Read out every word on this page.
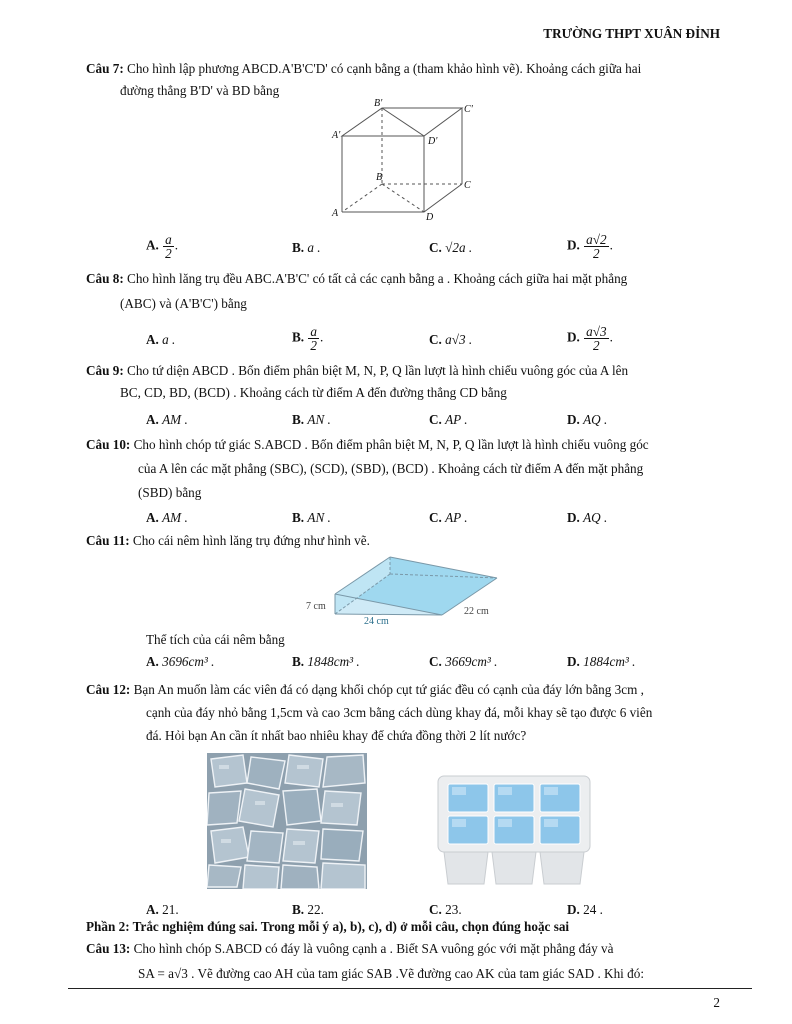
TRƯỜNG THPT XUÂN ĐỈNH
Câu 7: Cho hình lập phương ABCD.A'B'C'D' có cạnh bằng a (tham khảo hình vẽ). Khoảng cách giữa hai
đường thẳng B'D' và BD bằng
B'
C'
A'
D'
B
C
A	D
A. $\frac{a}{2}$ .	B. a .	C. √2a .	D. $\frac{a√2}{2}$ .
Câu 8: Cho hình lăng trụ đều ABC.A'B'C' có tất cả các cạnh bằng a . Khoảng cách giữa hai mặt phẳng
(ABC) và (A'B'C') bằng
A. a .	B. $\frac{a}{2}$ .	C. a√3 .	D. $\frac{a√3}{2}$ .
Câu 9: Cho tứ diện ABCD . Bốn điểm phân biệt M, N, P, Q lần lượt là hình chiếu vuông góc của A lên
BC, CD, BD, (BCD) . Khoảng cách từ điểm A đến đường thẳng CD bằng
A. AM .	B. AN .	C. AP .	D. AQ .
Câu 10: Cho hình chóp tứ giác S.ABCD . Bốn điểm phân biệt M, N, P, Q lần lượt là hình chiếu vuông góc
của A lên các mặt phẳng (SBC), (SCD), (SBD), (BCD) . Khoảng cách từ điểm A đến mặt phẳng
(SBD) bằng
A. AM .	B. AN .	C. AP .	D. AQ .
Câu 11: Cho cái nêm hình lăng trụ đứng như hình vẽ.
7 cm
24 cm
22 cm
Thể tích của cái nêm bằng
A. 3696cm³ .	B. 1848cm³ .	C. 3669cm³ .	D. 1884cm³ .
Câu 12: Bạn An muốn làm các viên đá có dạng khối chóp cụt tứ giác đều có cạnh của đáy lớn bằng 3cm ,
cạnh của đáy nhỏ bằng 1,5cm và cao 3cm bằng cách dùng khay đá, mỗi khay sẽ tạo được 6 viên
đá. Hỏi bạn An cần ít nhất bao nhiêu khay để chứa đồng thời 2 lít nước?
A. 21.	B. 22.	C. 23.	D. 24 .
Phần 2: Trắc nghiệm đúng sai. Trong mỗi ý a), b), c), d) ở mỗi câu, chọn đúng hoặc sai
Câu 13: Cho hình chóp S.ABCD có đáy là vuông cạnh a . Biết SA vuông góc với mặt phẳng đáy và
SA = a√3 . Vẽ đường cao AH của tam giác SAB .Vẽ đường cao AK của tam giác SAD . Khi đó:
2
